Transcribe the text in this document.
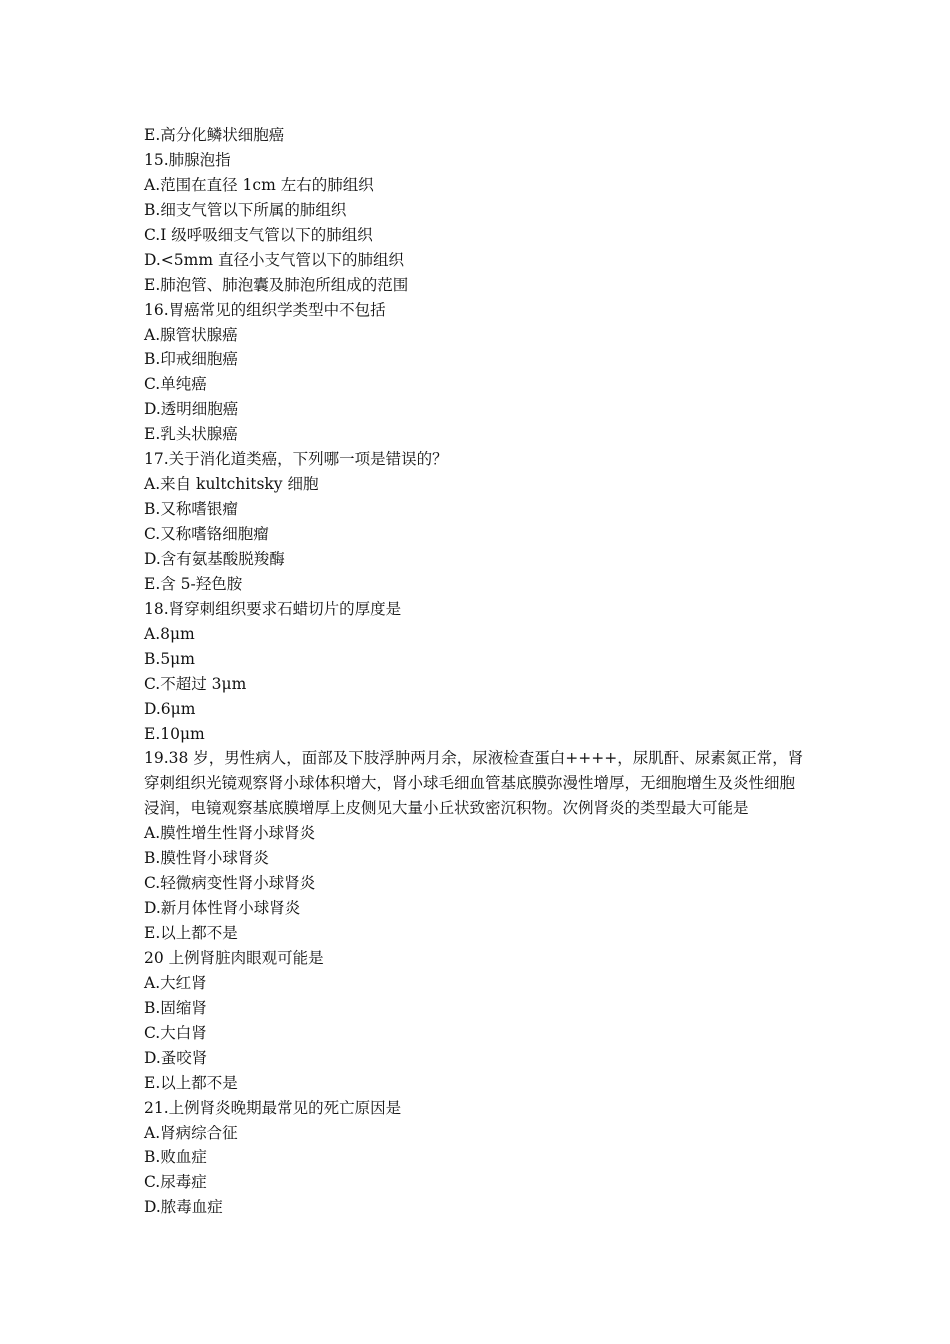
E.高分化鳞状细胞癌
15.肺腺泡指
A.范围在直径 1cm 左右的肺组织
B.细支气管以下所属的肺组织
C.Ⅰ 级呼吸细支气管以下的肺组织
D.<5mm 直径小支气管以下的肺组织
E.肺泡管、肺泡囊及肺泡所组成的范围
16.胃癌常见的组织学类型中不包括
A.腺管状腺癌
B.印戒细胞癌
C.单纯癌
D.透明细胞癌
E.乳头状腺癌
17.关于消化道类癌，下列哪一项是错误的？
A.来自 kultchitsky 细胞
B.又称嗜银瘤
C.又称嗜铬细胞瘤
D.含有氨基酸脱羧酶
E.含 5-羟色胺
18.肾穿刺组织要求石蜡切片的厚度是
A.8μm
B.5μm
C.不超过 3μm
D.6μm
E.10μm
19.38 岁，男性病人，面部及下肢浮肿两月余，尿液检查蛋白++++，尿肌酐、尿素氮正常，肾穿刺组织光镜观察肾小球体积增大，肾小球毛细血管基底膜弥漫性增厚，无细胞增生及炎性细胞浸润，电镜观察基底膜增厚上皮侧见大量小丘状致密沉积物。次例肾炎的类型最大可能是
A.膜性增生性肾小球肾炎
B.膜性肾小球肾炎
C.轻微病变性肾小球肾炎
D.新月体性肾小球肾炎
E.以上都不是
20 上例肾脏肉眼观可能是
A.大红肾
B.固缩肾
C.大白肾
D.蚤咬肾
E.以上都不是
21.上例肾炎晚期最常见的死亡原因是
A.肾病综合征
B.败血症
C.尿毒症
D.脓毒血症
